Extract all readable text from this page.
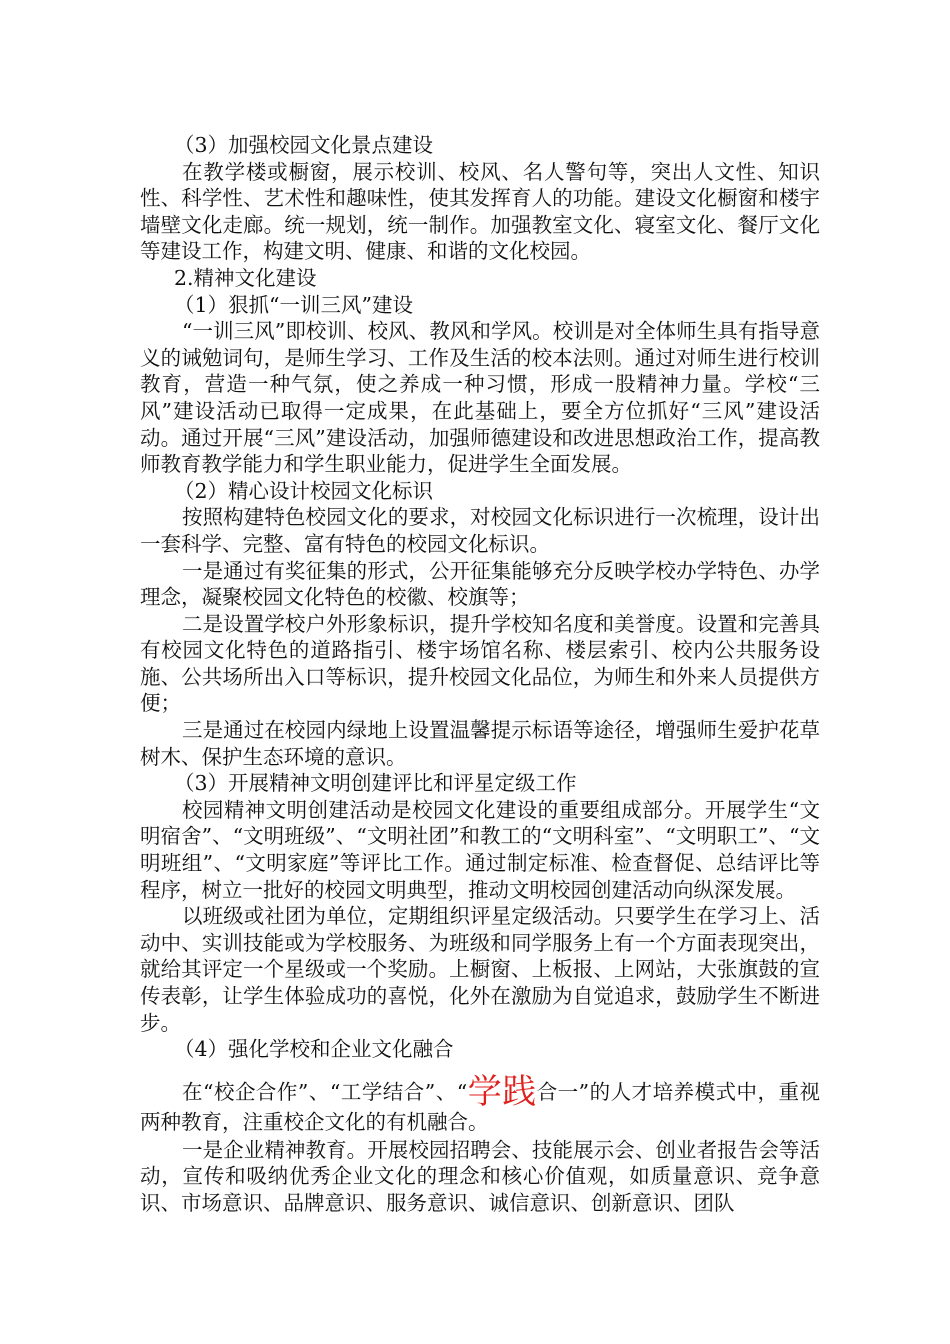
（3）加强校园文化景点建设

在教学楼或橱窗，展示校训、校风、名人警句等，突出人文性、知识性、科学性、艺术性和趣味性，使其发挥育人的功能。建设文化橱窗和楼宇墙壁文化走廊。统一规划，统一制作。加强教室文化、寝室文化、餐厅文化等建设工作，构建文明、健康、和谐的文化校园。

2.精神文化建设

（1）狠抓“一训三风”建设

“一训三风”即校训、校风、教风和学风。校训是对全体师生具有指导意义的诫勉词句，是师生学习、工作及生活的校本法则。通过对师生进行校训教育，营造一种气氛，使之养成一种习惯，形成一股精神力量。学校“三风”建设活动已取得一定成果，在此基础上，要全方位抓好“三风”建设活动。通过开展“三风”建设活动，加强师德建设和改进思想政治工作，提高教师教育教学能力和学生职业能力，促进学生全面发展。

（2）精心设计校园文化标识

按照构建特色校园文化的要求，对校园文化标识进行一次梳理，设计出一套科学、完整、富有特色的校园文化标识。

一是通过有奖征集的形式，公开征集能够充分反映学校办学特色、办学理念，凝聚校园文化特色的校徽、校旗等；

二是设置学校户外形象标识，提升学校知名度和美誉度。设置和完善具有校园文化特色的道路指引、楼宇场馆名称、楼层索引、校内公共服务设施、公共场所出入口等标识，提升校园文化品位，为师生和外来人员提供方便；

三是通过在校园内绿地上设置温馨提示标语等途径，增强师生爱护花草树木、保护生态环境的意识。

（3）开展精神文明创建评比和评星定级工作

校园精神文明创建活动是校园文化建设的重要组成部分。开展学生“文明宿舍”、“文明班级”、“文明社团”和教工的“文明科室”、“文明职工”、“文明班组”、“文明家庭”等评比工作。通过制定标准、检查督促、总结评比等程序，树立一批好的校园文明典型，推动文明校园创建活动向纵深发展。

以班级或社团为单位，定期组织评星定级活动。只要学生在学习上、活动中、实训技能或为学校服务、为班级和同学服务上有一个方面表现突出，就给其评定一个星级或一个奖励。上橱窗、上板报、上网站，大张旗鼓的宣传表彰，让学生体验成功的喜悦，化外在激励为自觉追求，鼓励学生不断进步。

（4）强化学校和企业文化融合

在“校企合作”、“工学结合”、“学践合一”的人才培养模式中，重视两种教育，注重校企文化的有机融合。

一是企业精神教育。开展校园招聘会、技能展示会、创业者报告会等活动，宣传和吸纳优秀企业文化的理念和核心价值观，如质量意识、竞争意识、市场意识、品牌意识、服务意识、诚信意识、创新意识、团队
